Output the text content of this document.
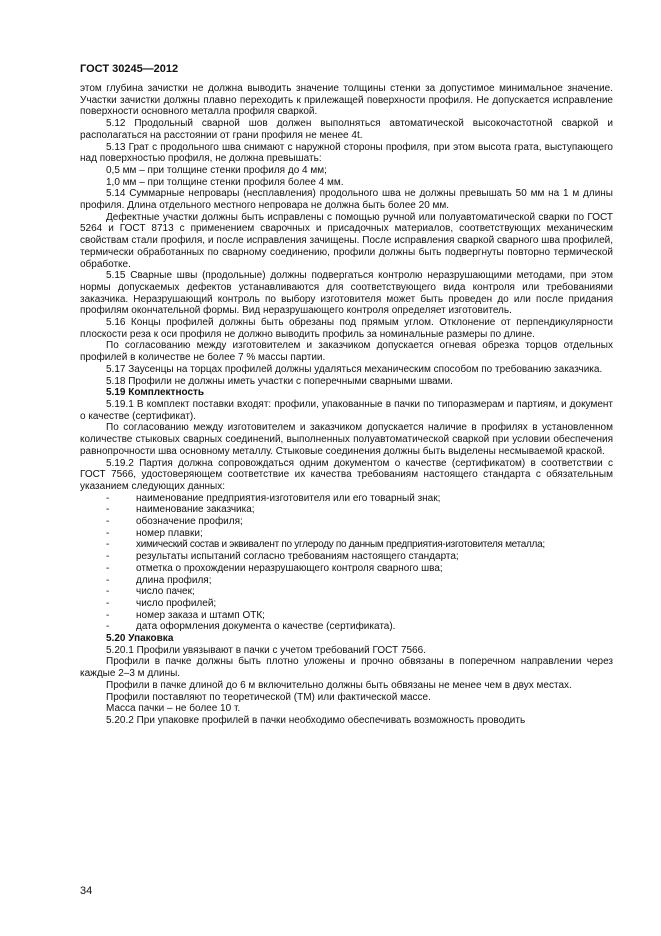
ГОСТ 30245—2012

этом глубина зачистки не должна выводить значение толщины стенки за допустимое минимальное значение. Участки зачистки должны плавно переходить к прилежащей поверхности профиля. Не допускается исправление поверхности основного металла профиля сваркой.

5.12 Продольный сварной шов должен выполняться автоматической высокочастотной сваркой и располагаться на расстоянии от грани профиля не менее 4t.

5.13 Грат с продольного шва снимают с наружной стороны профиля, при этом высота грата, выступающего над поверхностью профиля, не должна превышать:

0,5 мм – при толщине стенки профиля до 4 мм;

1,0 мм – при толщине стенки профиля более 4 мм.

5.14 Суммарные непровары (несплавления) продольного шва не должны превышать 50 мм на 1 м длины профиля. Длина отдельного местного непровара не должна быть более 20 мм.

Дефектные участки должны быть исправлены с помощью ручной или полуавтоматической сварки по ГОСТ 5264 и ГОСТ 8713 с применением сварочных и присадочных материалов, соответствующих механическим свойствам стали профиля, и после исправления зачищены. После исправления сваркой сварного шва профилей, термически обработанных по сварному соединению, профили должны быть подвергнуты повторно термической обработке.

5.15 Сварные швы (продольные) должны подвергаться контролю неразрушающими методами, при этом нормы допускаемых дефектов устанавливаются для соответствующего вида контроля или требованиями заказчика. Неразрушающий контроль по выбору изготовителя может быть проведен до или после придания профилям окончательной формы. Вид неразрушающего контроля определяет изготовитель.

5.16 Концы профилей должны быть обрезаны под прямым углом. Отклонение от перпендикулярности плоскости реза к оси профиля не должно выводить профиль за номинальные размеры по длине.

По согласованию между изготовителем и заказчиком допускается огневая обрезка торцов отдельных профилей в количестве не более 7 % массы партии.

5.17 Заусенцы на торцах профилей должны удаляться механическим способом по требованию заказчика.

5.18 Профили не должны иметь участки с поперечными сварными швами.

5.19 Комплектность

5.19.1 В комплект поставки входят: профили, упакованные в пачки по типоразмерам и партиям, и документ о качестве (сертификат).

По согласованию между изготовителем и заказчиком допускается наличие в профилях в установленном количестве стыковых сварных соединений, выполненных полуавтоматической сваркой при условии обеспечения равнопрочности шва основному металлу. Стыковые соединения должны быть выделены несмываемой краской.

5.19.2 Партия должна сопровождаться одним документом о качестве (сертификатом) в соответствии с ГОСТ 7566, удостоверяющем соответствие их качества требованиям настоящего стандарта с обязательным указанием следующих данных:

-	наименование предприятия-изготовителя или его товарный знак;
-	наименование заказчика;
-	обозначение профиля;
-	номер плавки;
-	химический состав и эквивалент по углероду по данным предприятия-изготовителя металла;
-	результаты испытаний согласно требованиям настоящего стандарта;
-	отметка о прохождении неразрушающего контроля сварного шва;
-	длина профиля;
-	число пачек;
-	число профилей;
-	номер заказа и штамп ОТК;
-	дата оформления документа о качестве (сертификата).

5.20 Упаковка

5.20.1 Профили увязывают в пачки с учетом требований ГОСТ 7566.

Профили в пачке должны быть плотно уложены и прочно обвязаны в поперечном направлении через каждые 2–3 м длины.

Профили в пачке длиной до 6 м включительно должны быть обвязаны не менее чем в двух местах.

Профили поставляют по теоретической (ТМ) или фактической массе.

Масса пачки – не более 10 т.

5.20.2 При упаковке профилей в пачки необходимо обеспечивать возможность проводить

34
